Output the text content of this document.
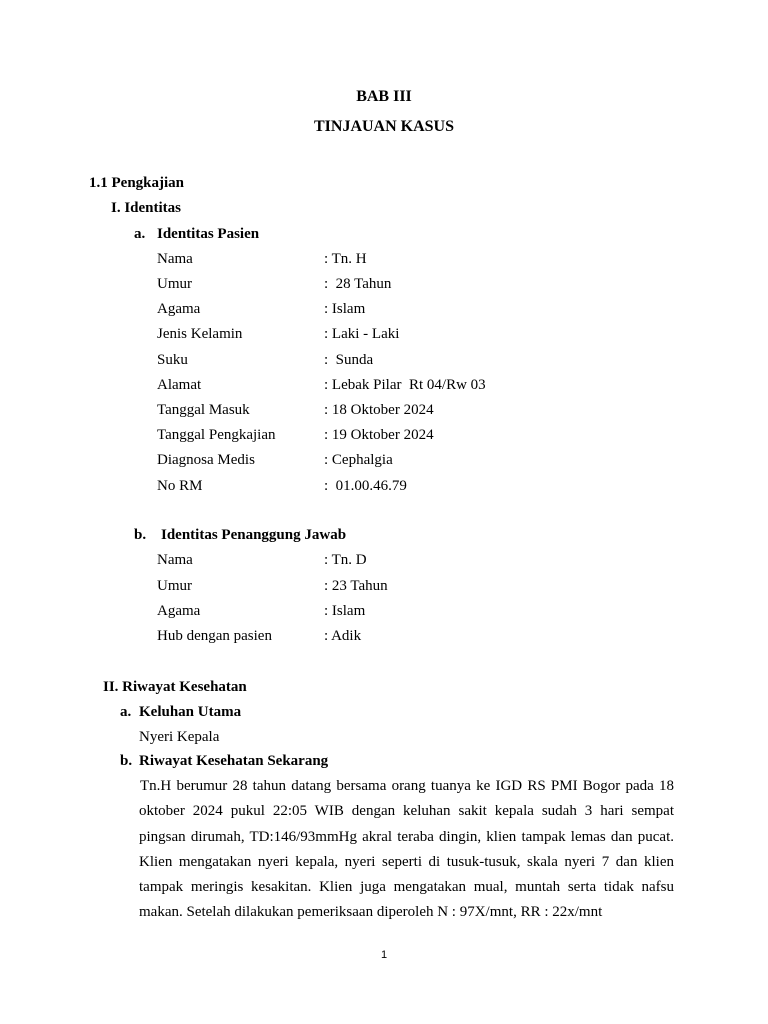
BAB III
TINJAUAN KASUS
1.1 Pengkajian
I. Identitas
a. Identitas Pasien
Nama	: Tn. H
Umur	:  28 Tahun
Agama	: Islam
Jenis Kelamin	: Laki - Laki
Suku	:  Sunda
Alamat	: Lebak Pilar  Rt 04/Rw 03
Tanggal Masuk	: 18 Oktober 2024
Tanggal Pengkajian	: 19 Oktober 2024
Diagnosa Medis	: Cephalgia
No RM	:  01.00.46.79
b. Identitas Penanggung Jawab
Nama	: Tn. D
Umur	: 23 Tahun
Agama	: Islam
Hub dengan pasien	: Adik
II. Riwayat Kesehatan
a. Keluhan Utama
Nyeri Kepala
b. Riwayat Kesehatan Sekarang
Tn.H berumur 28 tahun datang bersama orang tuanya ke IGD RS PMI Bogor pada 18 oktober 2024 pukul 22:05 WIB dengan keluhan sakit kepala sudah 3 hari sempat pingsan dirumah, TD:146/93mmHg akral teraba dingin, klien tampak lemas dan pucat. Klien mengatakan nyeri kepala, nyeri seperti di tusuk-tusuk, skala nyeri 7 dan klien tampak meringis kesakitan. Klien juga mengatakan mual, muntah serta tidak nafsu makan. Setelah dilakukan pemeriksaan diperoleh N : 97X/mnt, RR : 22x/mnt
1
